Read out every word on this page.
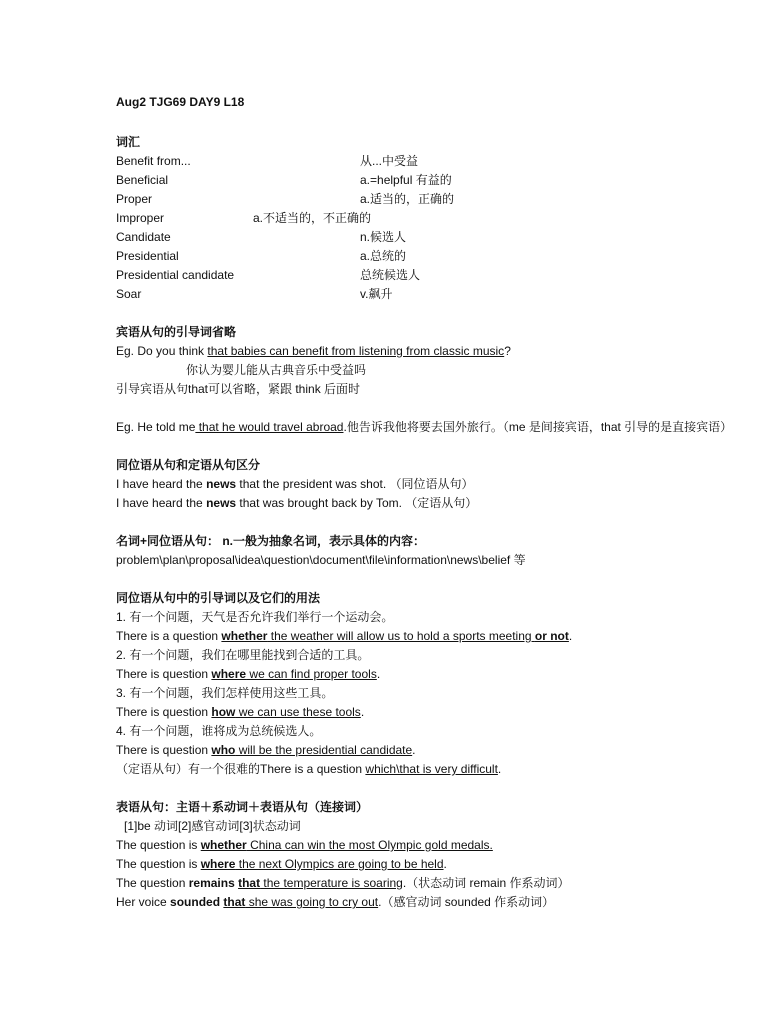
Aug2 TJG69 DAY9 L18
词汇
Benefit from...	从...中受益
Beneficial	a.=helpful 有益的
Proper	a.适当的，正确的
Improper	a.不适当的，不正确的
Candidate	n.候选人
Presidential	a.总统的
Presidential candidate	总统候选人
Soar	v.飙升
宾语从句的引导词省略
Eg. Do you think that babies can benefit from listening from classic music?
你认为婴儿能从古典音乐中受益吗
引导宾语从句that可以省略，紧跟 think 后面时
Eg. He told me that he would travel abroad.他告诉我他将要去国外旅行。（me 是间接宾语，that 引导的是直接宾语）
同位语从句和定语从句区分
I have heard the news that the president was shot. （同位语从句）
I have heard the news that was brought back by Tom. （定语从句）
名词+同位语从句： n.一般为抽象名词，表示具体的内容：
problem\plan\proposal\idea\question\document\file\information\news\belief 等
同位语从句中的引导词以及它们的用法
1. 有一个问题，天气是否允许我们举行一个运动会。
There is a question whether the weather will allow us to hold a sports meeting or not.
2. 有一个问题，我们在哪里能找到合适的工具。
There is question where we can find proper tools.
3. 有一个问题，我们怎样使用这些工具。
There is question how we can use these tools.
4. 有一个问题，谁将成为总统候选人。
There is question who will be the presidential candidate.
（定语从句）有一个很难的There is a question which\that is very difficult.
表语从句：主语＋系动词＋表语从句（连接词）
[1]be 动词[2]感官动词[3]状态动词
The question is whether China can win the most Olympic gold medals.
The question is where the next Olympics are going to be held.
The question remains that the temperature is soaring.（状态动词 remain 作系动词）
Her voice sounded that she was going to cry out.（感官动词 sounded 作系动词）
